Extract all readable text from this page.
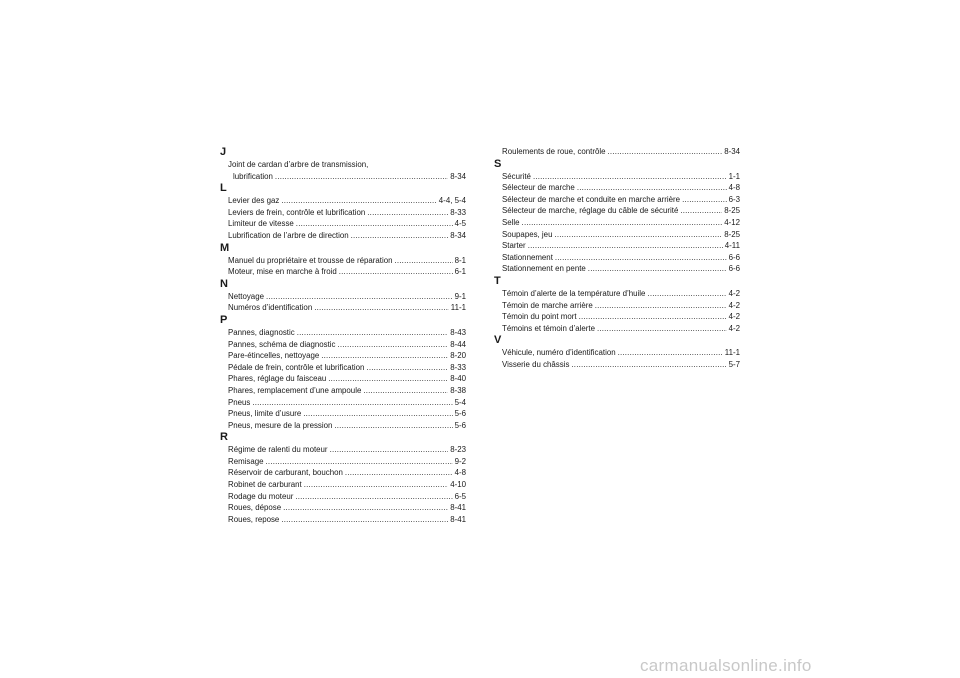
J
Joint de cardan d’arbre de transmission,
lubrification .....	8-34
L
Levier des gaz .....	4-4, 5-4
Leviers de frein, contrôle et lubrification .....	8-33
Limiteur de vitesse .....	4-5
Lubrification de l’arbre de direction .....	8-34
M
Manuel du propriétaire et trousse de réparation .....	8-1
Moteur, mise en marche à froid .....	6-1
N
Nettoyage .....	9-1
Numéros d’identification .....	11-1
P
Pannes, diagnostic .....	8-43
Pannes, schéma de diagnostic .....	8-44
Pare-étincelles, nettoyage .....	8-20
Pédale de frein, contrôle et lubrification .....	8-33
Phares, réglage du faisceau .....	8-40
Phares, remplacement d’une ampoule .....	8-38
Pneus .....	5-4
Pneus, limite d’usure .....	5-6
Pneus, mesure de la pression .....	5-6
R
Régime de ralenti du moteur .....	8-23
Remisage .....	9-2
Réservoir de carburant, bouchon .....	4-8
Robinet de carburant .....	4-10
Rodage du moteur .....	6-5
Roues, dépose .....	8-41
Roues, repose .....	8-41
Roulements de roue, contrôle .....	8-34
S
Sécurité .....	1-1
Sélecteur de marche .....	4-8
Sélecteur de marche et conduite en marche arrière .....	6-3
Sélecteur de marche, réglage du câble de sécurité .....	8-25
Selle .....	4-12
Soupapes, jeu .....	8-25
Starter .....	4-11
Stationnement .....	6-6
Stationnement en pente .....	6-6
T
Témoin d’alerte de la température d’huile .....	4-2
Témoin de marche arrière .....	4-2
Témoin du point mort .....	4-2
Témoins et témoin d’alerte .....	4-2
V
Véhicule, numéro d’identification .....	11-1
Visserie du châssis .....	5-7
carmanualsonline.info
